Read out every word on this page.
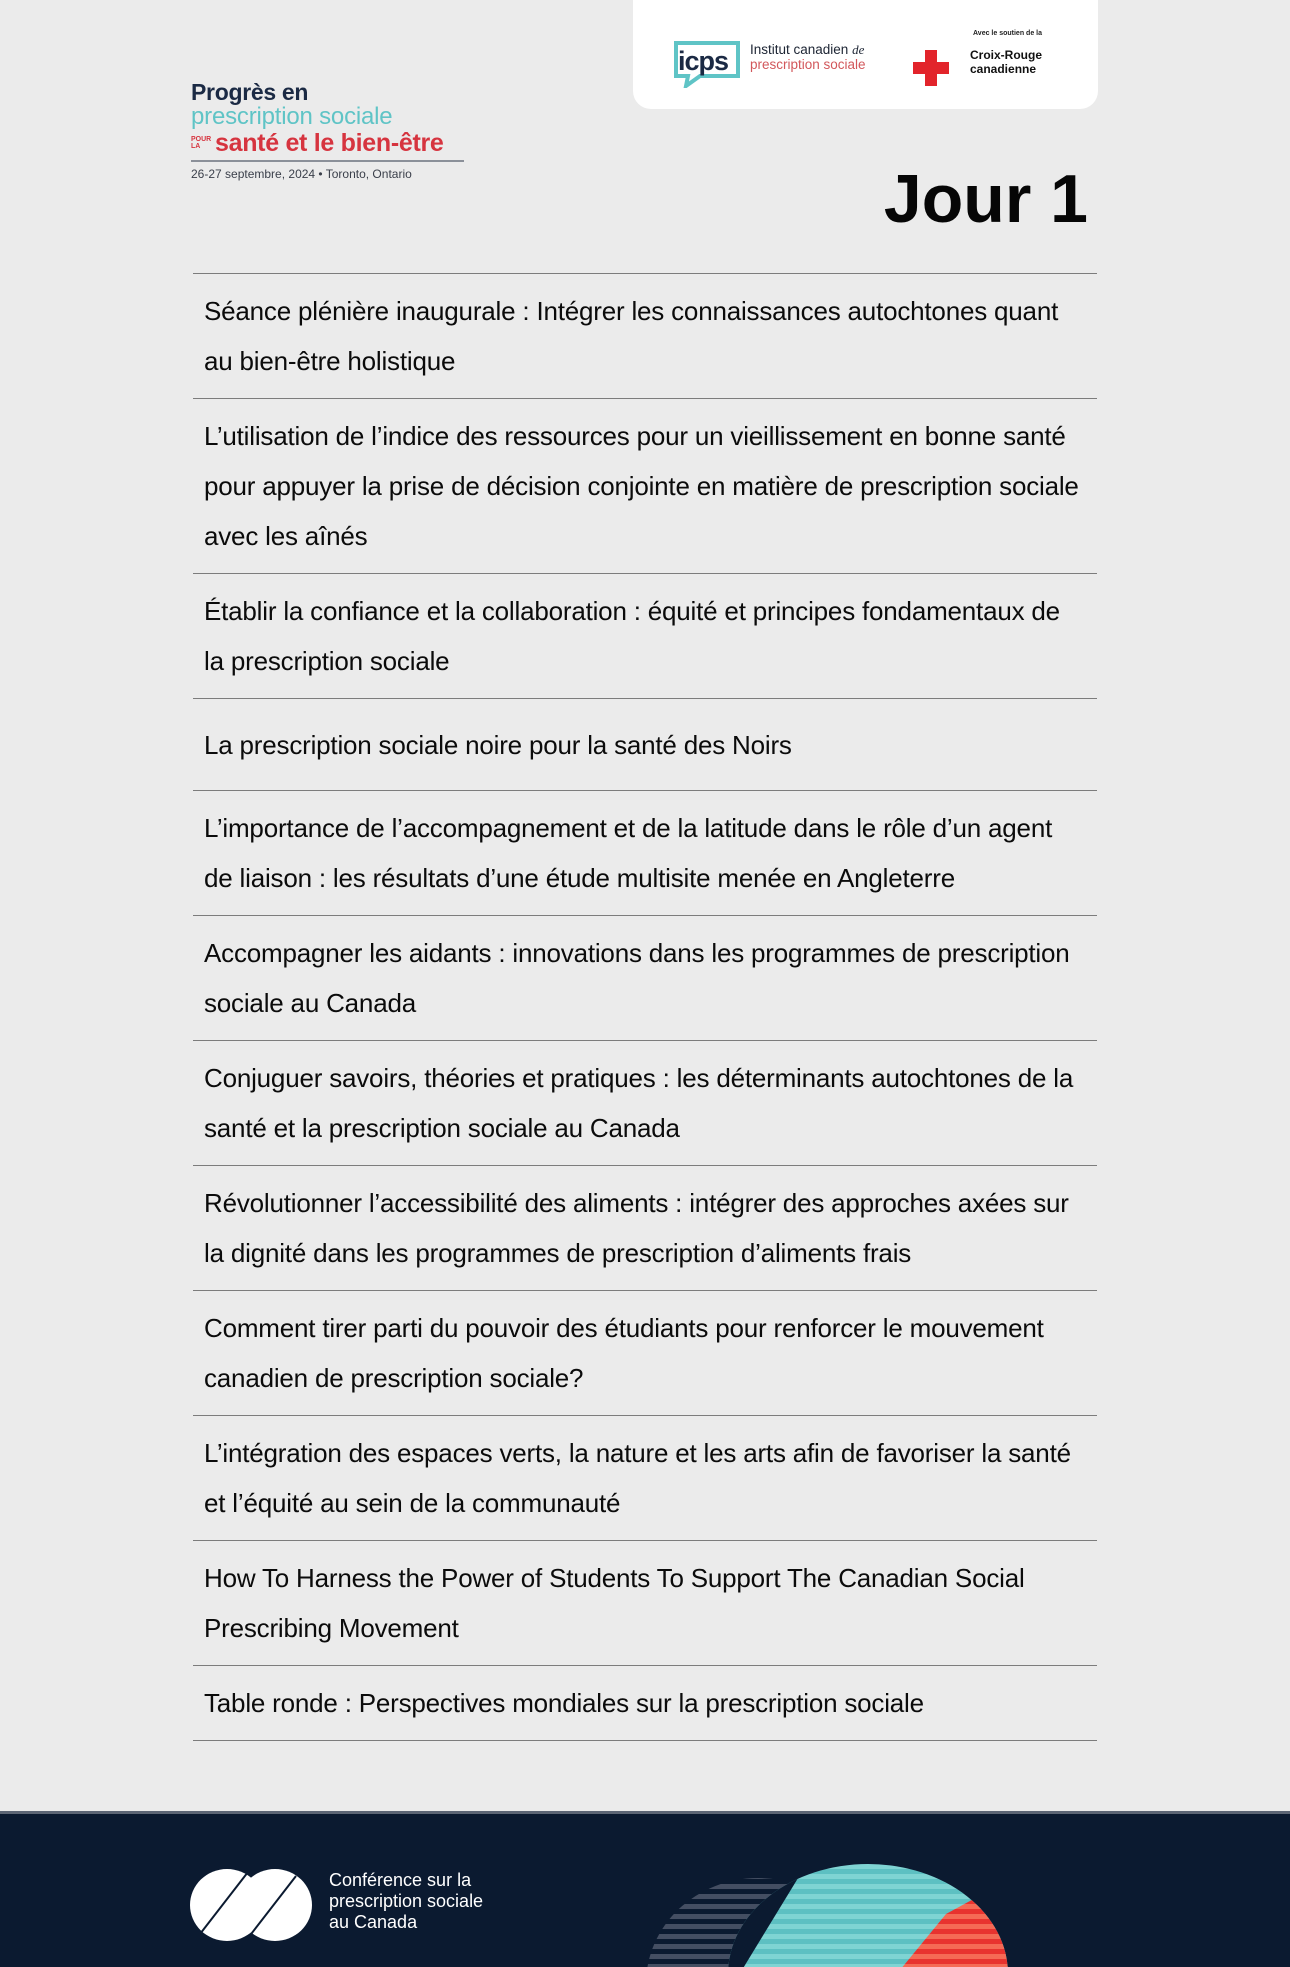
Progrès en
prescription sociale
POUR
LA santé et le bien-être
26-27 septembre, 2024 • Toronto, Ontario
icps Institut canadien de
prescription sociale
Avec le soutien de la
Croix-Rouge
canadienne
Jour 1
Séance plénière inaugurale : Intégrer les connaissances autochtones quant au bien-être holistique
L’utilisation de l’indice des ressources pour un vieillissement en bonne santé pour appuyer la prise de décision conjointe en matière de prescription sociale avec les aînés
Établir la confiance et la collaboration : équité et principes fondamentaux de la prescription sociale
La prescription sociale noire pour la santé des Noirs
L’importance de l’accompagnement et de la latitude dans le rôle d’un agent de liaison : les résultats d’une étude multisite menée en Angleterre
Accompagner les aidants : innovations dans les programmes de prescription sociale au Canada
Conjuguer savoirs, théories et pratiques : les déterminants autochtones de la santé et la prescription sociale au Canada
Révolutionner l’accessibilité des aliments : intégrer des approches axées sur la dignité dans les programmes de prescription d’aliments frais
Comment tirer parti du pouvoir des étudiants pour renforcer le mouvement canadien de prescription sociale?
L’intégration des espaces verts, la nature et les arts afin de favoriser la santé et l’équité au sein de la communauté
How To Harness the Power of Students To Support The Canadian Social Prescribing Movement
Table ronde : Perspectives mondiales sur la prescription sociale
Conférence sur la
prescription sociale
au Canada
